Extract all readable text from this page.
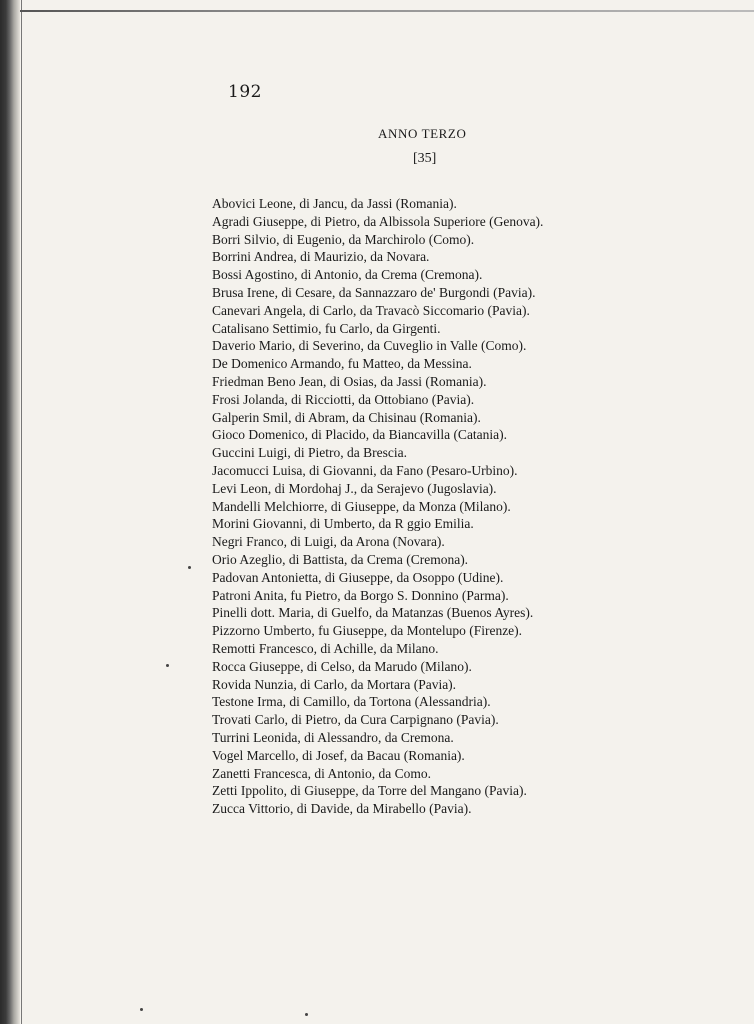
192
ANNO TERZO
[35]
Abovici Leone, di Jancu, da Jassi (Romania).
Agradi Giuseppe, di Pietro, da Albissola Superiore (Genova).
Borri Silvio, di Eugenio, da Marchirolo (Como).
Borrini Andrea, di Maurizio, da Novara.
Bossi Agostino, di Antonio, da Crema (Cremona).
Brusa Irene, di Cesare, da Sannazzaro de' Burgondi (Pavia).
Canevari Angela, di Carlo, da Travacò Siccomario (Pavia).
Catalisano Settimio, fu Carlo, da Girgenti.
Daverio Mario, di Severino, da Cuveglio in Valle (Como).
De Domenico Armando, fu Matteo, da Messina.
Friedman Beno Jean, di Osias, da Jassi (Romania).
Frosi Jolanda, di Ricciotti, da Ottobiano (Pavia).
Galperin Smil, di Abram, da Chisinau (Romania).
Gioco Domenico, di Placido, da Biancavilla (Catania).
Guccini Luigi, di Pietro, da Brescia.
Jacomucci Luisa, di Giovanni, da Fano (Pesaro-Urbino).
Levi Leon, di Mordohaj J., da Serajevo (Jugoslavia).
Mandelli Melchiorre, di Giuseppe, da Monza (Milano).
Morini Giovanni, di Umberto, da R ggio Emilia.
Negri Franco, di Luigi, da Arona (Novara).
Orio Azeglio, di Battista, da Crema (Cremona).
Padovan Antonietta, di Giuseppe, da Osoppo (Udine).
Patroni Anita, fu Pietro, da Borgo S. Donnino (Parma).
Pinelli dott. Maria, di Guelfo, da Matanzas (Buenos Ayres).
Pizzorno Umberto, fu Giuseppe, da Montelupo (Firenze).
Remotti Francesco, di Achille, da Milano.
Rocca Giuseppe, di Celso, da Marudo (Milano).
Rovida Nunzia, di Carlo, da Mortara (Pavia).
Testone Irma, di Camillo, da Tortona (Alessandria).
Trovati Carlo, di Pietro, da Cura Carpignano (Pavia).
Turrini Leonida, di Alessandro, da Cremona.
Vogel Marcello, di Josef, da Bacau (Romania).
Zanetti Francesca, di Antonio, da Como.
Zetti Ippolito, di Giuseppe, da Torre del Mangano (Pavia).
Zucca Vittorio, di Davide, da Mirabello (Pavia).
